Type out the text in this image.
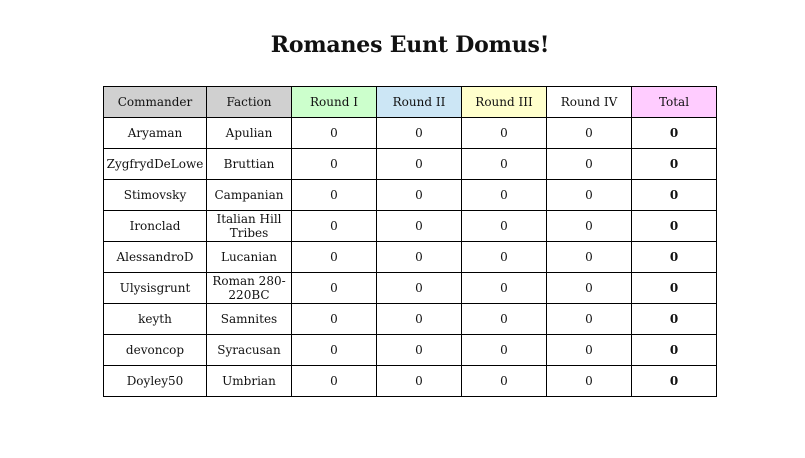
Romanes Eunt Domus!
Commander	Faction	Round I	Round II	Round III	Round IV	Total
Aryaman	Apulian	0	0	0	0	0
ZygfrydDeLowe	Bruttian	0	0	0	0	0
Stimovsky	Campanian	0	0	0	0	0
Ironclad	Italian Hill Tribes	0	0	0	0	0
AlessandroD	Lucanian	0	0	0	0	0
Ulysisgrunt	Roman 280-220BC	0	0	0	0	0
keyth	Samnites	0	0	0	0	0
devoncop	Syracusan	0	0	0	0	0
Doyley50	Umbrian	0	0	0	0	0
